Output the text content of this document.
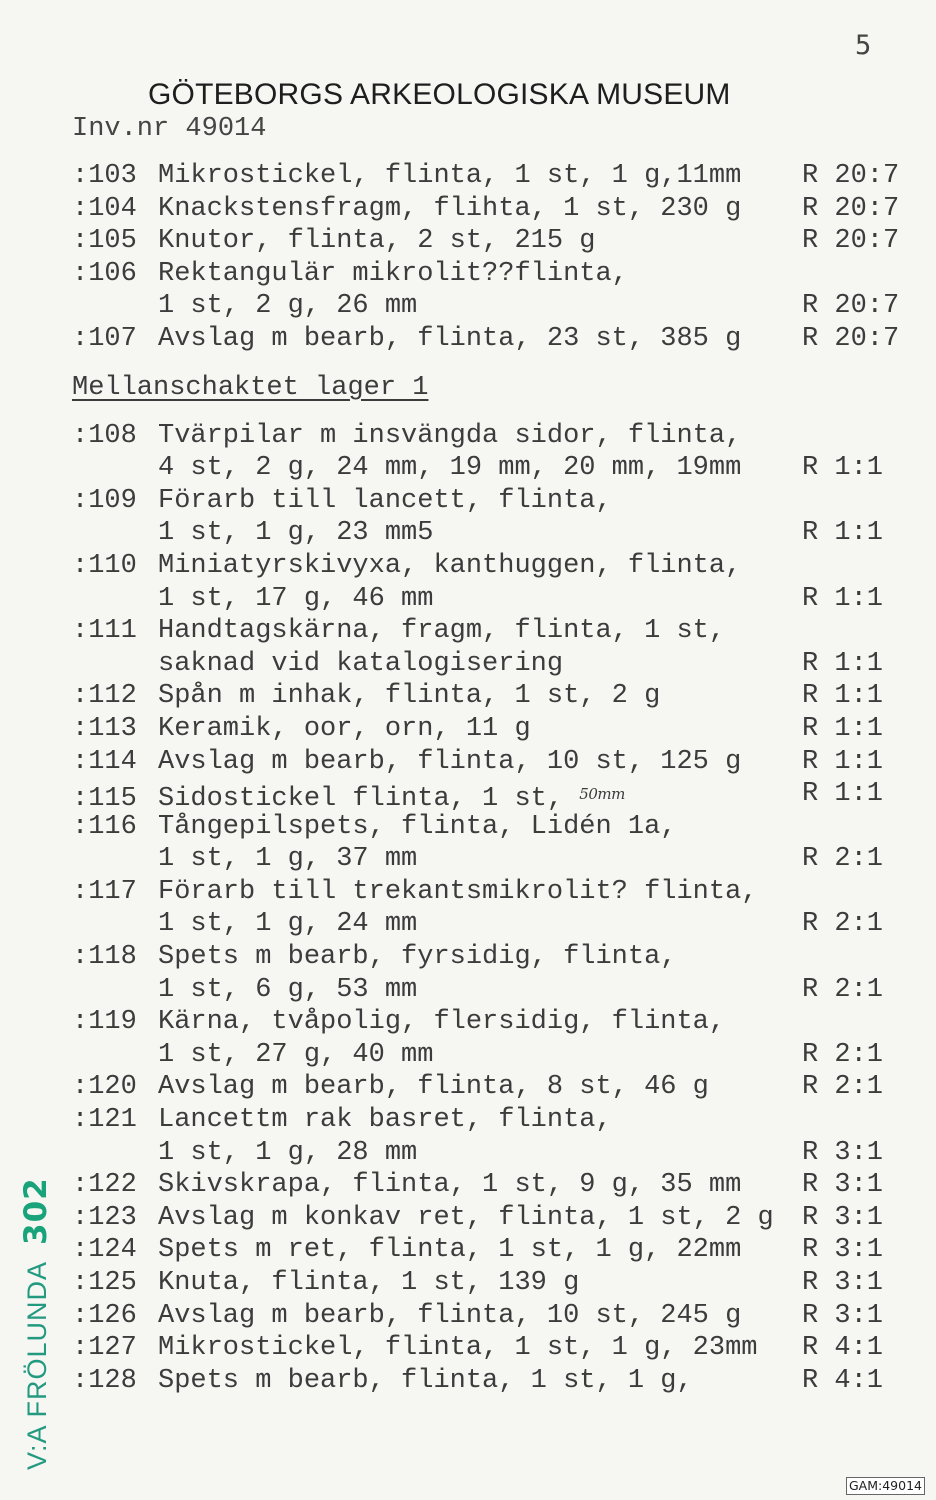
5
GÖTEBORGS ARKEOLOGISKA MUSEUM
Inv.nr 49014
:103 Mikrostickel, flinta, 1 st, 1 g,11mm R 20:7
:104 Knackstensfragm, flihta, 1 st, 230 g R 20:7
:105 Knutor, flinta, 2 st, 215 g	R 20:7
:106 Rektangulär mikrolit??flinta,
1 st, 2 g, 26 mm	R 20:7
:107 Avslag m bearb, flinta, 23 st, 385 g R 20:7
Mellanschaktet lager 1
:108 Tvärpilar m insvängda sidor, flinta,
4 st, 2 g, 24 mm, 19 mm, 20 mm, 19mm R 1:1
:109 Förarb till lancett, flinta,
1 st, 1 g, 23 mm5	R 1:1
:110 Miniatyrskivyxa, kanthuggen, flinta,
1 st, 17 g, 46 mm	R 1:1
:111 Handtagskärna, fragm, flinta, 1 st,
saknad vid katalogisering	R 1:1
:112 Spån m inhak, flinta, 1 st, 2 g	R 1:1
:113 Keramik, oor, orn, 11 g	R 1:1
:114 Avslag m bearb, flinta, 10 st, 125 g R 1:1
:115 Sidostickel flinta, 1 st, $^{50mm}$	R 1:1
:116 Tångepilspets, flinta, Lidén 1a,
1 st, 1 g, 37 mm	R 2:1
:117 Förarb till trekantsmikrolit? flinta,
1 st, 1 g, 24 mm	R 2:1
:118 Spets m bearb, fyrsidig, flinta,
1 st, 6 g, 53 mm	R 2:1
:119 Kärna, tvåpolig, flersidig, flinta,
1 st, 27 g, 40 mm	R 2:1
:120 Avslag m bearb, flinta, 8 st, 46 g	R 2:1
:121 Lancettm rak basret, flinta,
1 st, 1 g, 28 mm	R 3:1
:122 Skivskrapa, flinta, 1 st, 9 g, 35 mm R 3:1
:123 Avslag m konkav ret, flinta, 1 st, 2 g R 3:1
:124 Spets m ret, flinta, 1 st, 1 g, 22mm R 3:1
:125 Knuta, flinta, 1 st, 139 g	R 3:1
:126 Avslag m bearb, flinta, 10 st, 245 g R 3:1
:127 Mikrostickel, flinta, 1 st, 1 g, 23mm R 4:1
:128 Spets m bearb, flinta, 1 st, 1 g,	R 4:1
V:A FRÖLUNDA302
GAM:49014
